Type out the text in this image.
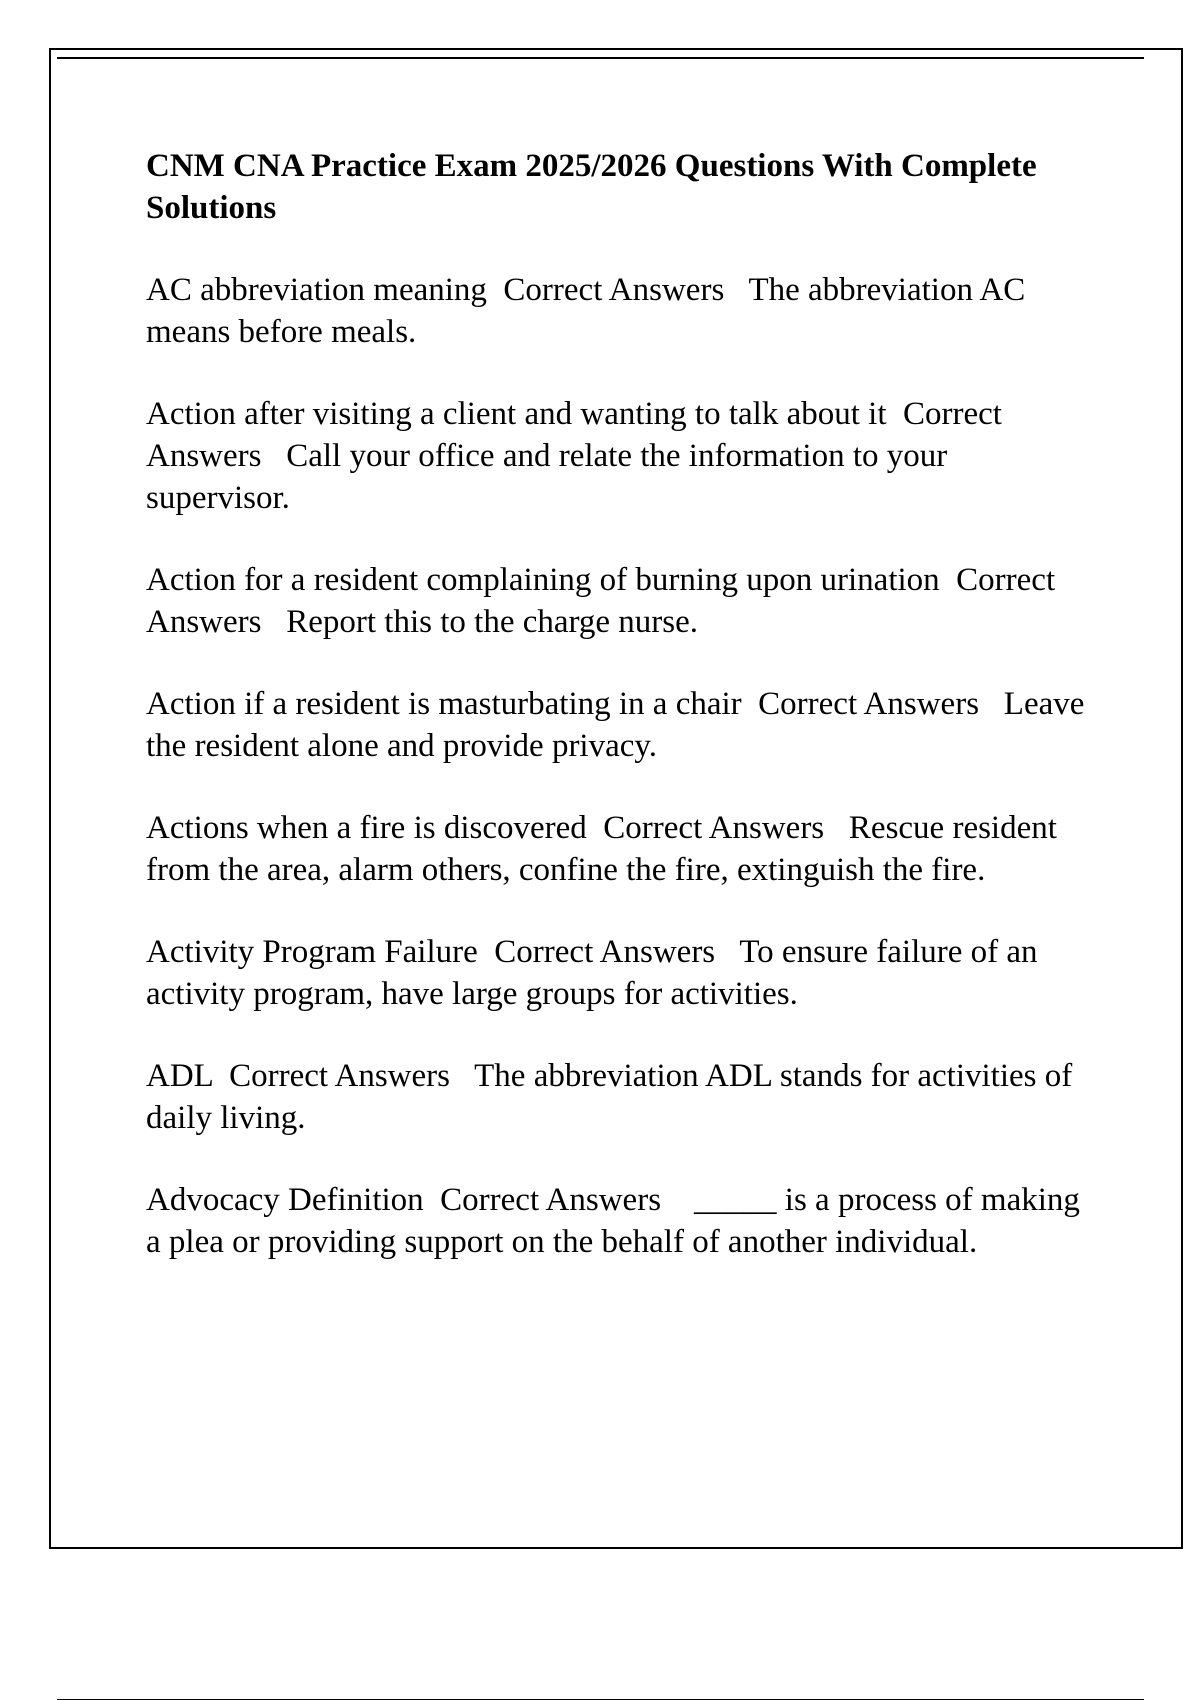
CNM CNA Practice Exam 2025/2026 Questions With Complete Solutions
AC abbreviation meaning Correct Answers The abbreviation AC means before meals.
Action after visiting a client and wanting to talk about it Correct Answers Call your office and relate the information to your supervisor.
Action for a resident complaining of burning upon urination Correct Answers Report this to the charge nurse.
Action if a resident is masturbating in a chair Correct Answers Leave the resident alone and provide privacy.
Actions when a fire is discovered Correct Answers Rescue resident from the area, alarm others, confine the fire, extinguish the fire.
Activity Program Failure Correct Answers To ensure failure of an activity program, have large groups for activities.
ADL Correct Answers The abbreviation ADL stands for activities of daily living.
Advocacy Definition Correct Answers _____ is a process of making a plea or providing support on the behalf of another individual.
